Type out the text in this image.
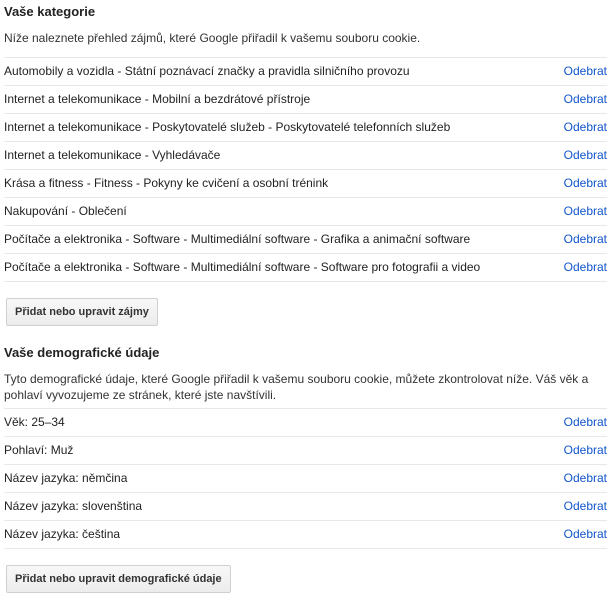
Vaše kategorie

Níže naleznete přehled zájmů, které Google přiřadil k vašemu souboru cookie.

Automobily a vozidla - Státní poznávací značky a pravidla silničního provozu	Odebrat
Internet a telekomunikace - Mobilní a bezdrátové přístroje	Odebrat
Internet a telekomunikace - Poskytovatelé služeb - Poskytovatelé telefonních služeb	Odebrat
Internet a telekomunikace - Vyhledávače	Odebrat
Krása a fitness - Fitness - Pokyny ke cvičení a osobní trénink	Odebrat
Nakupování - Oblečení	Odebrat
Počítače a elektronika - Software - Multimediální software - Grafika a animační software	Odebrat
Počítače a elektronika - Software - Multimediální software - Software pro fotografii a video	Odebrat
Přidat nebo upravit zájmy
Vaše demografické údaje

Tyto demografické údaje, které Google přiřadil k vašemu souboru cookie, můžete zkontrolovat níže. Váš věk a pohlaví vyvozujeme ze stránek, které jste navštívili.

Věk: 25–34	Odebrat
Pohlaví: Muž	Odebrat
Název jazyka: němčina	Odebrat
Název jazyka: slovenština	Odebrat
Název jazyka: čeština	Odebrat
Přidat nebo upravit demografické údaje
